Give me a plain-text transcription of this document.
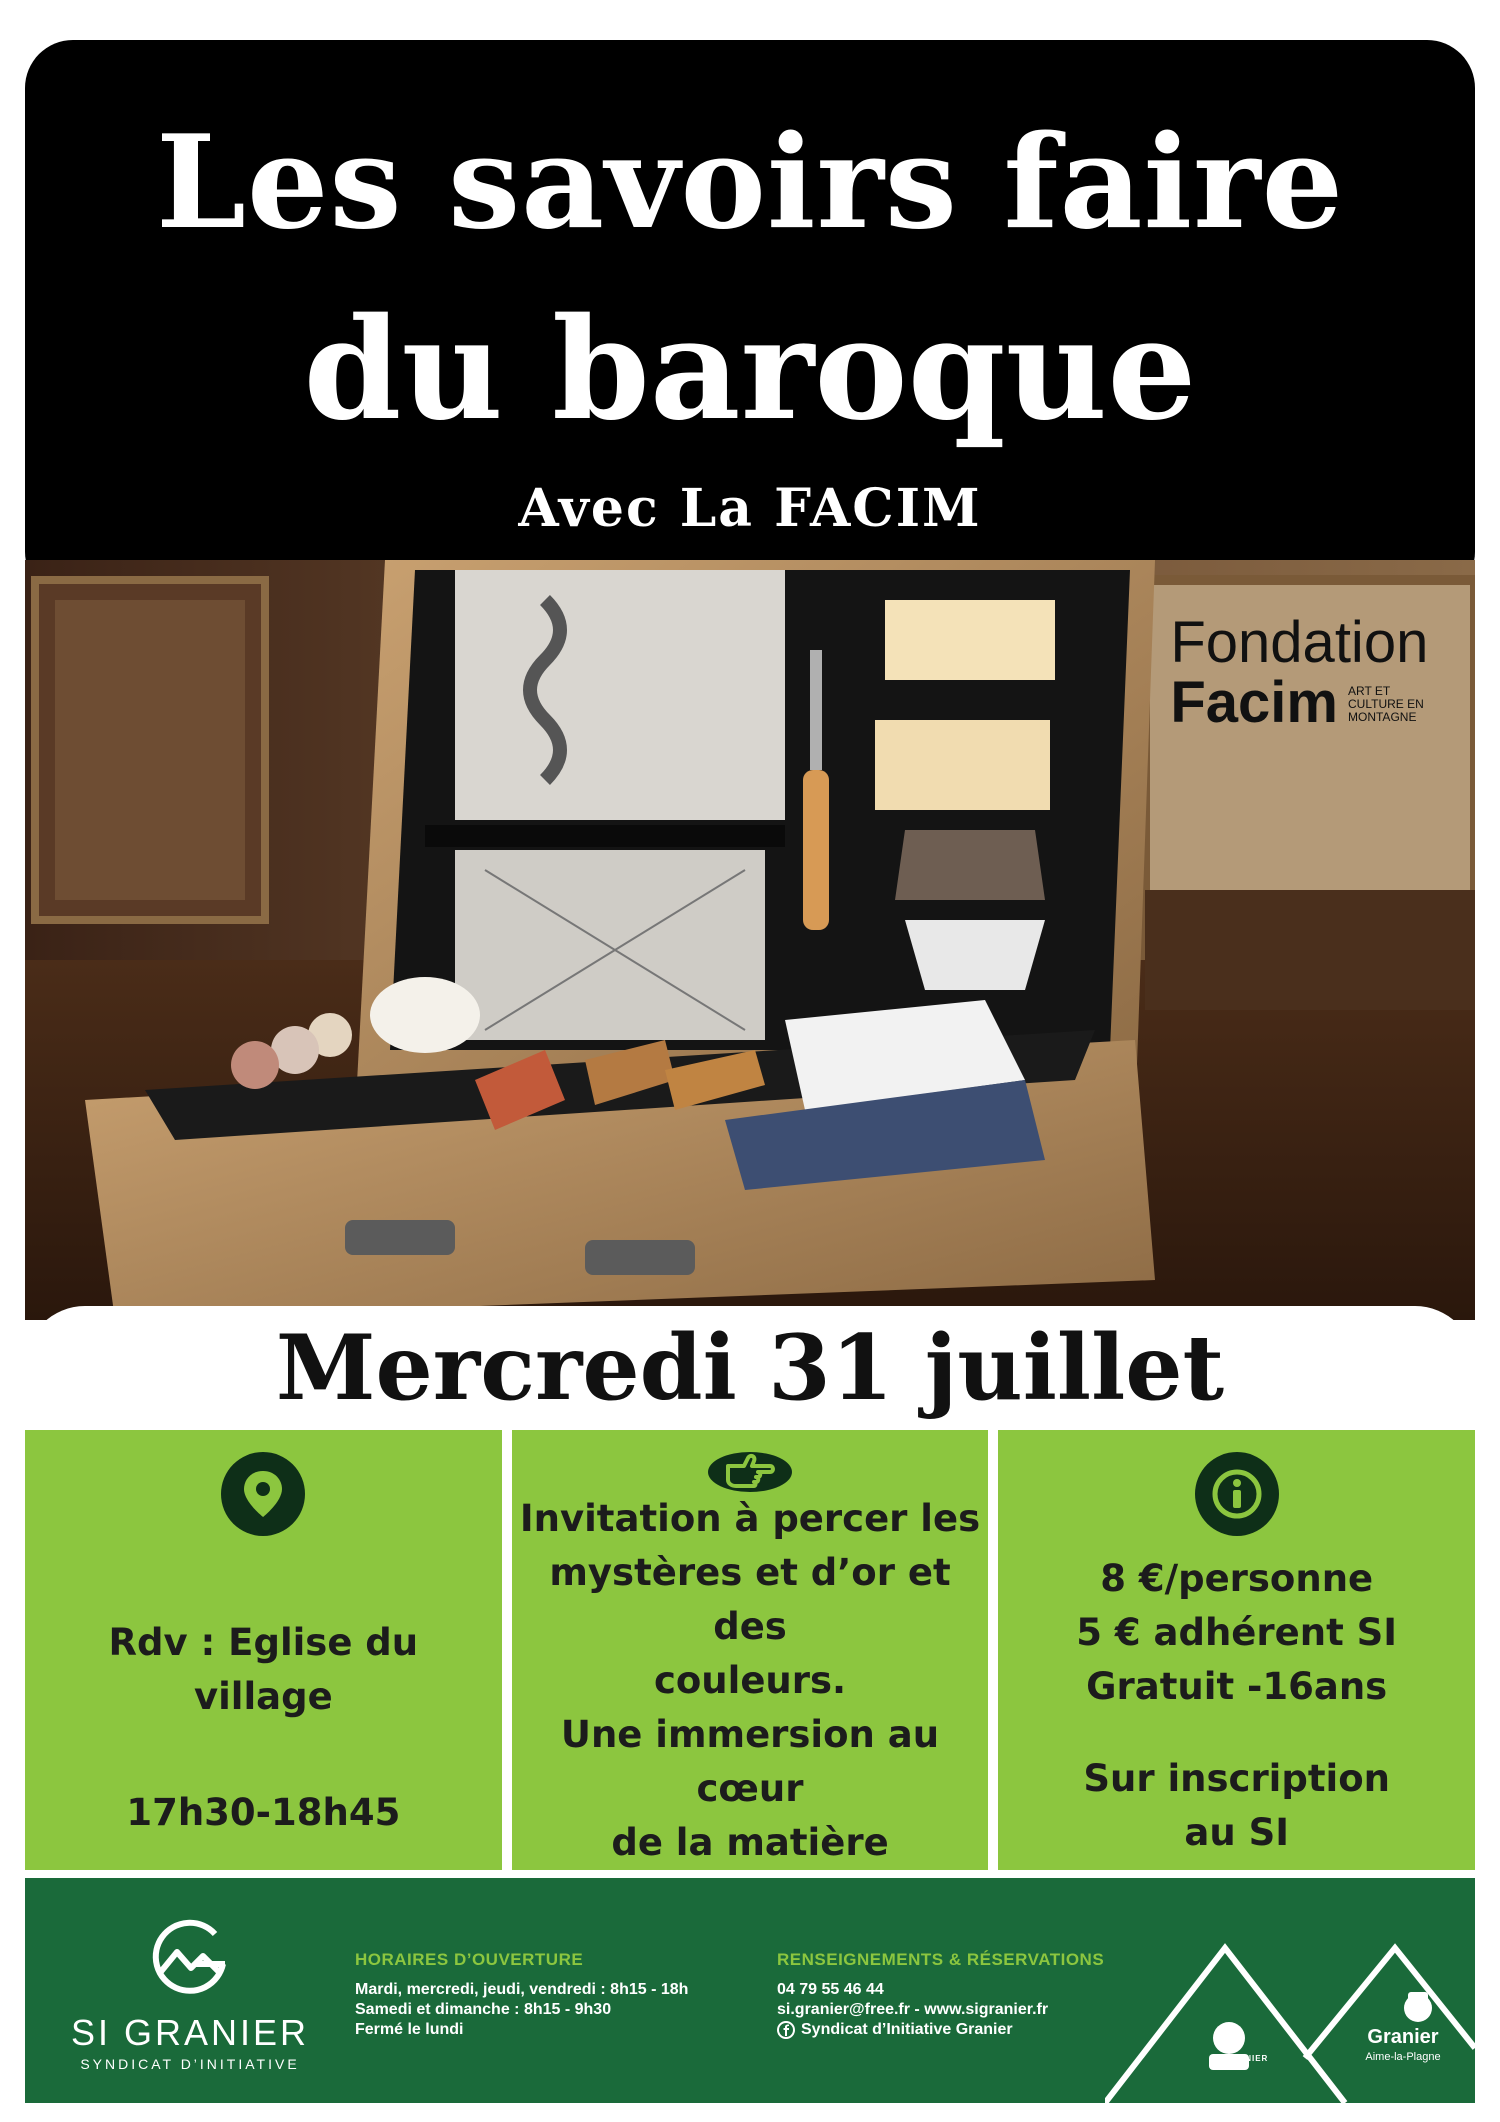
Les savoirs faire
du baroque
Avec La FACIM
Fondation
Facim ART ET CULTURE EN MONTAGNE
Mercredi 31 juillet
Rdv : Eglise du
village
17h30-18h45
Invitation à percer les
mystères et d’or et des
couleurs.
Une immersion au cœur
de la matière
8 €/personne
5 € adhérent SI
Gratuit -16ans
Sur inscription
au SI
SI GRANIER
SYNDICAT D’INITIATIVE
HORAIRES D’OUVERTURE
Mardi, mercredi, jeudi, vendredi : 8h15 - 18h
Samedi et dimanche : 8h15 - 9h30
Fermé le lundi
RENSEIGNEMENTS & RÉSERVATIONS
04 79 55 46 44
si.granier@free.fr - www.sigranier.fr
Syndicat d’Initiative Granier
SI GRANIER
Granier
Aime-la-Plagne
